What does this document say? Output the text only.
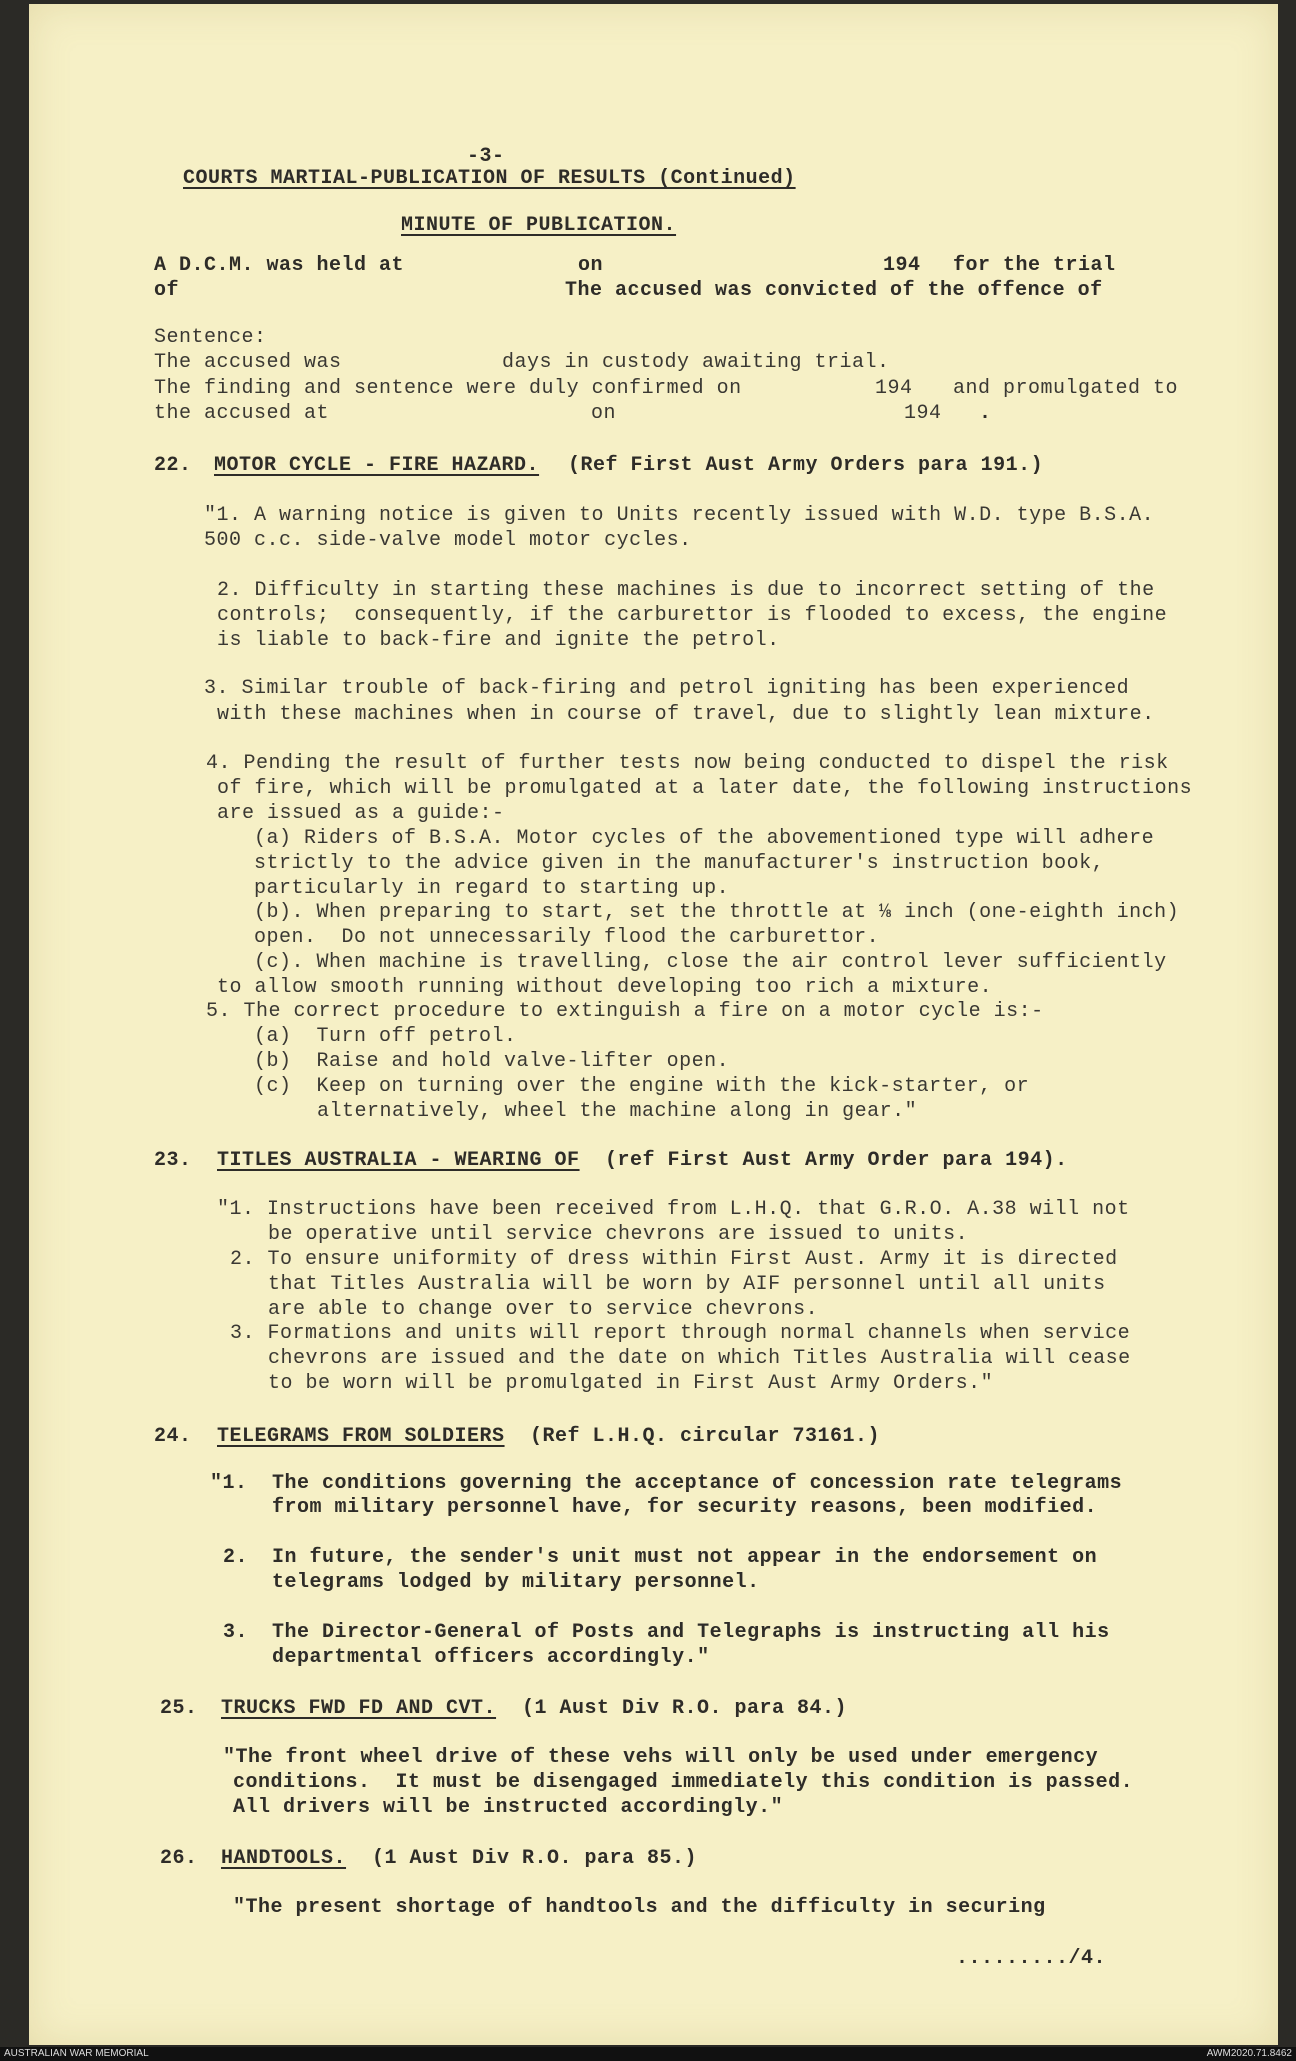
-3-
COURTS MARTIAL-PUBLICATION OF RESULTS (Continued)
MINUTE OF PUBLICATION.
A D.C.M. was held at	on	194 for the trial
of	The accused was convicted of the offence of
Sentence:
The accused was	days in custody awaiting trial.
The finding and sentence were duly confirmed on	194 and promulgated to
the accused at	on	194 .
22. MOTOR CYCLE - FIRE HAZARD. (Ref First Aust Army Orders para 191.)
"1. A warning notice is given to Units recently issued with W.D. type B.S.A.
500 c.c. side-valve model motor cycles.
2. Difficulty in starting these machines is due to incorrect setting of the
controls;  consequently, if the carburettor is flooded to excess, the engine
is liable to back-fire and ignite the petrol.
3. Similar trouble of back-firing and petrol igniting has been experienced
with these machines when in course of travel, due to slightly lean mixture.
4. Pending the result of further tests now being conducted to dispel the risk
of fire, which will be promulgated at a later date, the following instructions
are issued as a guide:-
(a) Riders of B.S.A. Motor cycles of the abovementioned type will adhere
strictly to the advice given in the manufacturer's instruction book,
particularly in regard to starting up.
(b). When preparing to start, set the throttle at ⅛ inch (one-eighth inch)
open.  Do not unnecessarily flood the carburettor.
(c). When machine is travelling, close the air control lever sufficiently
to allow smooth running without developing too rich a mixture.
5. The correct procedure to extinguish a fire on a motor cycle is:-
(a)  Turn off petrol.
(b)  Raise and hold valve-lifter open.
(c)  Keep on turning over the engine with the kick-starter, or
alternatively, wheel the machine along in gear."
23. TITLES AUSTRALIA - WEARING OF (ref First Aust Army Order para 194).
"1. Instructions have been received from L.H.Q. that G.R.O. A.38 will not
be operative until service chevrons are issued to units.
2. To ensure uniformity of dress within First Aust. Army it is directed
that Titles Australia will be worn by AIF personnel until all units
are able to change over to service chevrons.
3. Formations and units will report through normal channels when service
chevrons are issued and the date on which Titles Australia will cease
to be worn will be promulgated in First Aust Army Orders."
24. TELEGRAMS FROM SOLDIERS (Ref L.H.Q. circular 73161.)
"1. The conditions governing the acceptance of concession rate telegrams
from military personnel have, for security reasons, been modified.
2. In future, the sender's unit must not appear in the endorsement on
telegrams lodged by military personnel.
3. The Director-General of Posts and Telegraphs is instructing all his
departmental officers accordingly."
25. TRUCKS FWD FD AND CVT. (1 Aust Div R.O. para 84.)
"The front wheel drive of these vehs will only be used under emergency
conditions.  It must be disengaged immediately this condition is passed.
All drivers will be instructed accordingly."
26. HANDTOOLS. (1 Aust Div R.O. para 85.)
"The present shortage of handtools and the difficulty in securing
........./4.
AUSTRALIAN WAR MEMORIAL	AWM2020.71.8462
